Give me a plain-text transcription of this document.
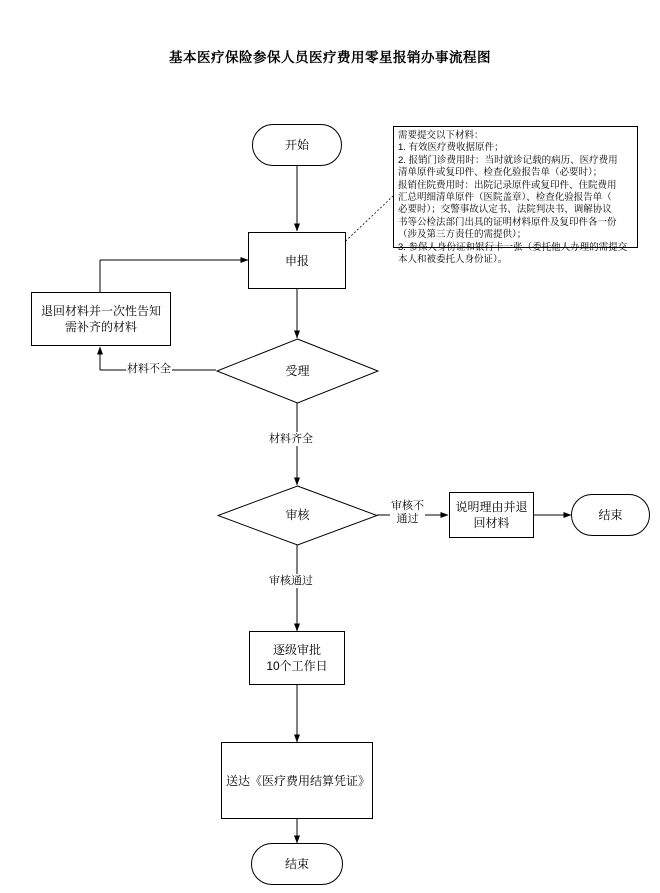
基本医疗保险参保人员医疗费用零星报销办事流程图
开始
申报
退回材料并一次性告知需补齐的材料
受理
审核
说明理由并退回材料
结束
逐级审批
10个工作日
送达《医疗费用结算凭证》
结束
材料不全
材料齐全
审核不
通过
审核通过

需要提交以下材料：

1. 有效医疗费收据原件；

2. 报销门诊费用时：当时就诊记载的病历、医疗费用

清单原件或复印件、检查化验报告单（必要时）；

报销住院费用时：出院记录原件或复印件、住院费用

汇总明细清单原件（医院盖章）、检查化验报告单（

必要时）；交警事故认定书、法院判决书、调解协议

书等公检法部门出具的证明材料原件及复印件各一份

（涉及第三方责任的需提供）；

3. 参保人身份证和银行卡一张（委托他人办理的需提交

本人和被委托人身份证）。
